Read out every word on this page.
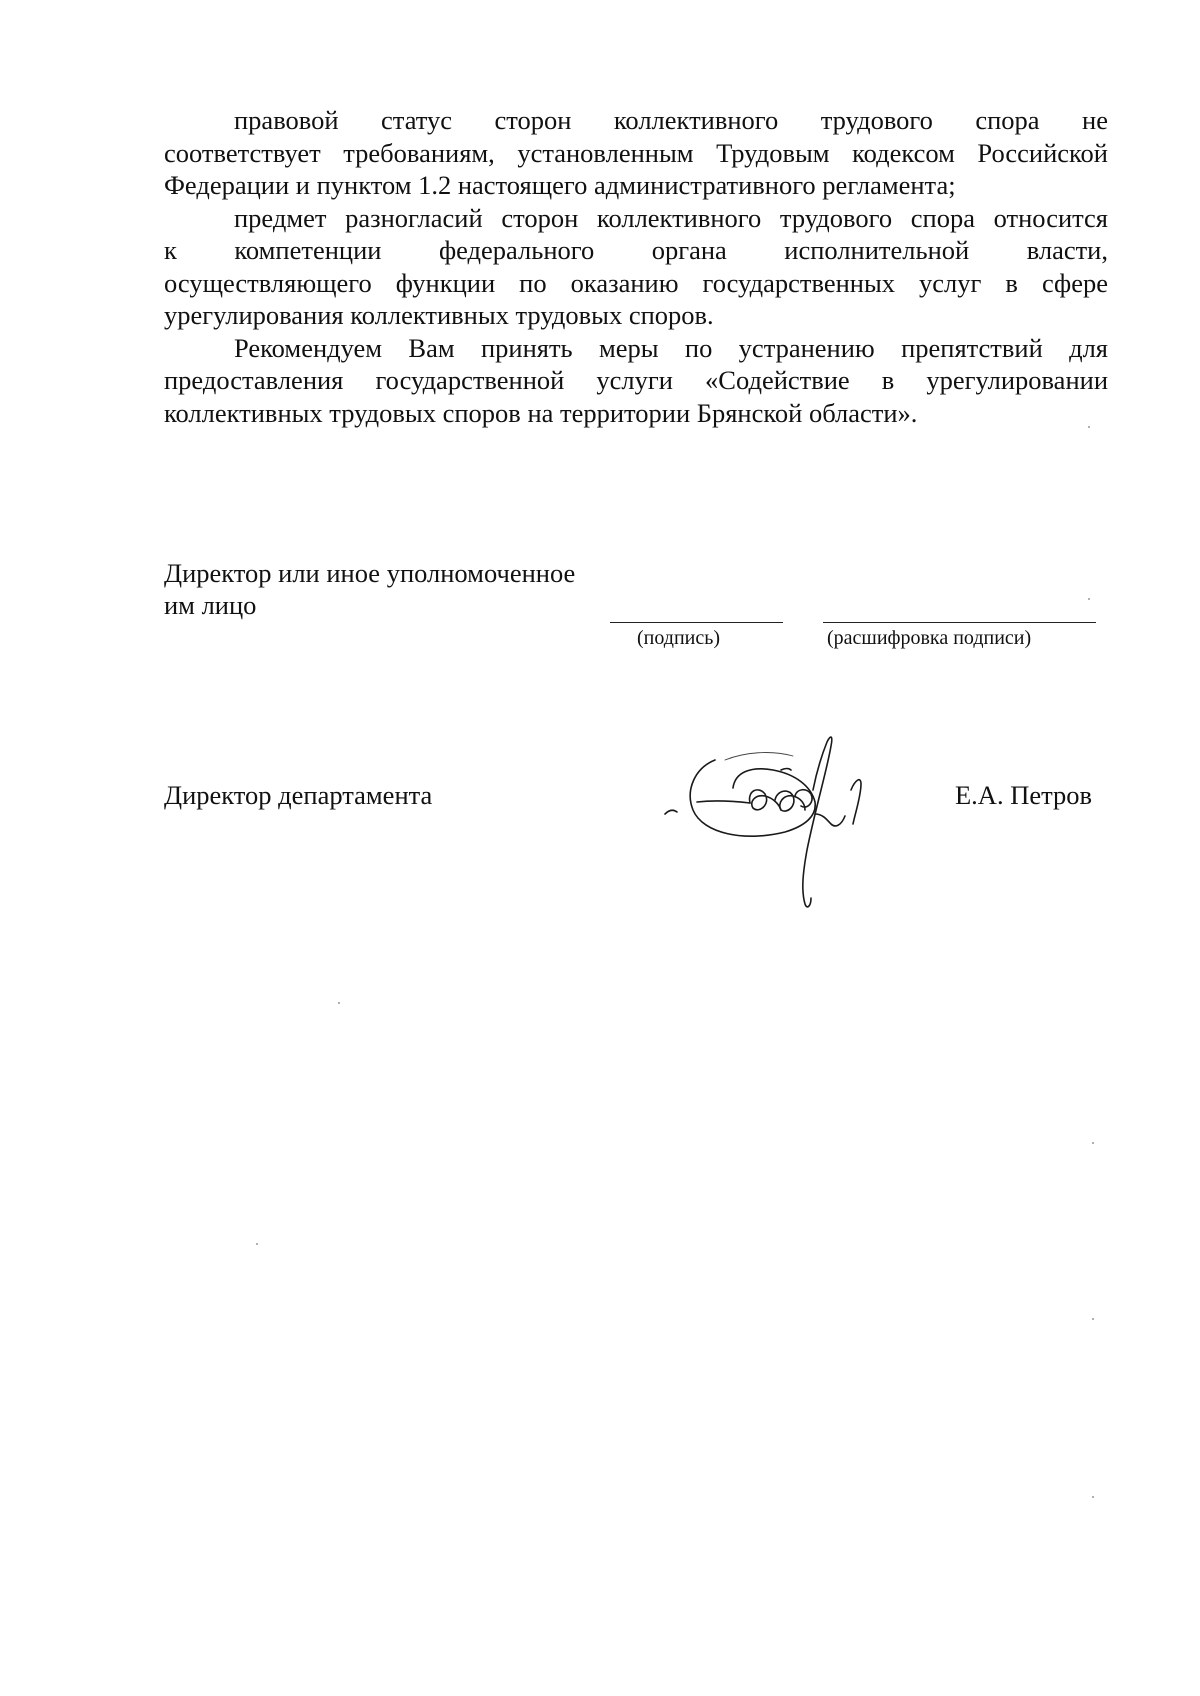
правовой статус сторон коллективного трудового спора не
соответствует требованиям, установленным Трудовым кодексом Российской
Федерации и пунктом 1.2 настоящего административного регламента;
предмет разногласий сторон коллективного трудового спора относится
к компетенции федерального органа исполнительной власти,
осуществляющего функции по оказанию государственных услуг в сфере
урегулирования коллективных трудовых споров.
Рекомендуем Вам принять меры по устранению препятствий для
предоставления государственной услуги «Содействие в урегулировании
коллективных трудовых споров на территории Брянской области».
Директор или иное уполномоченное
им лицо
(подпись)	(расшифровка подписи)
Директор департамента	Е.А. Петров
